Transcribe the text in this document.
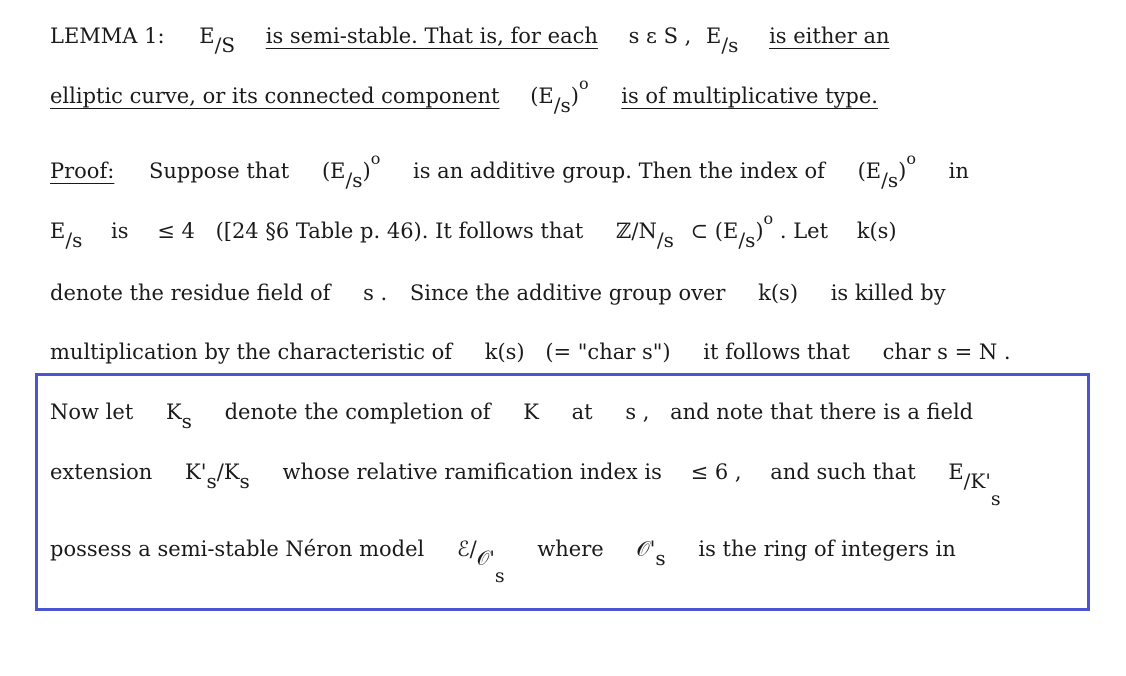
LEMMA 1: E/S is semi-stable. That is, for each s ε S , E/s is either an
elliptic curve, or its connected component $(E/s)^o$ is of multiplicative type.
Proof: Suppose that $(E/s)^o$ is an additive group. Then the index of $(E/s)^o$ in
E/s is ≤ 4 ([24 §6 Table p. 46). It follows that ℤ/N/s ⊂ $(E/s)^o$ . Let k(s)
denote the residue field of s . Since the additive group over k(s) is killed by
multiplication by the characteristic of k(s) (= "char s") it follows that char s = N .
Now let Ks denote the completion of K at s , and note that there is a field
extension K's/Ks whose relative ramification index is ≤ 6 , and such that E/K's
possess a semi-stable Néron model ℰ/𝒪's where 𝒪's is the ring of integers in
